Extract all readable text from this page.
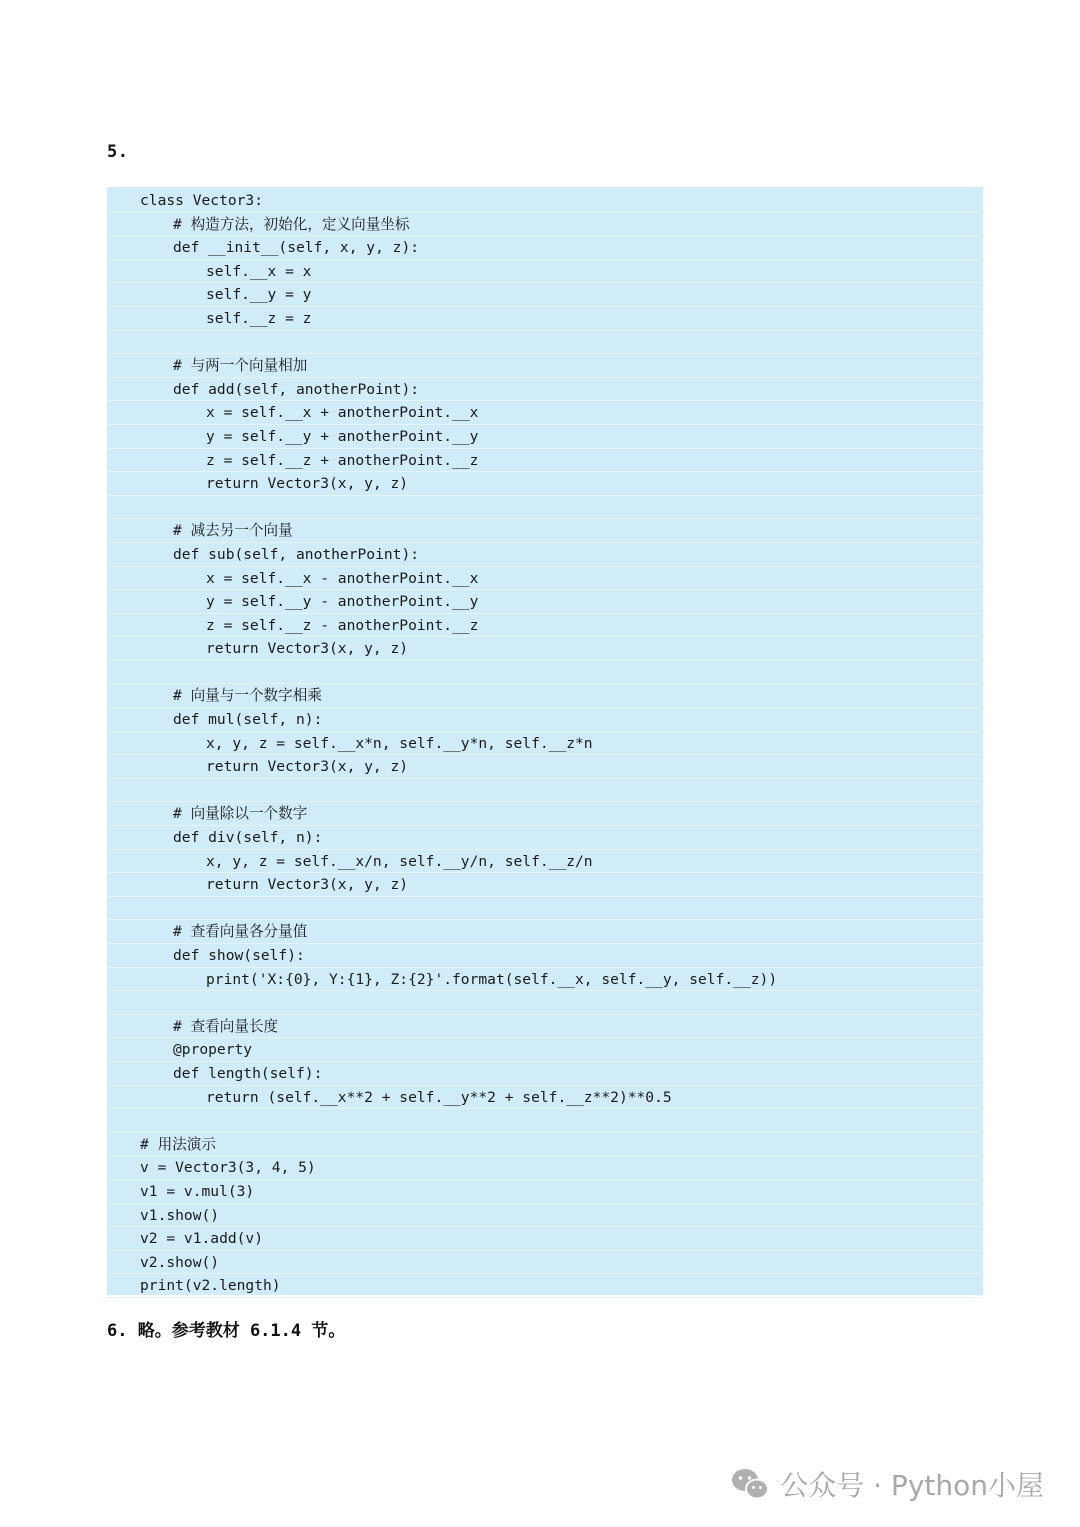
5.
class Vector3:
# 构造方法，初始化，定义向量坐标
def __init__(self, x, y, z):
self.__x = x
self.__y = y
self.__z = z
# 与两一个向量相加
def add(self, anotherPoint):
x = self.__x + anotherPoint.__x
y = self.__y + anotherPoint.__y
z = self.__z + anotherPoint.__z
return Vector3(x, y, z)
# 减去另一个向量
def sub(self, anotherPoint):
x = self.__x - anotherPoint.__x
y = self.__y - anotherPoint.__y
z = self.__z - anotherPoint.__z
return Vector3(x, y, z)
# 向量与一个数字相乘
def mul(self, n):
x, y, z = self.__x*n, self.__y*n, self.__z*n
return Vector3(x, y, z)
# 向量除以一个数字
def div(self, n):
x, y, z = self.__x/n, self.__y/n, self.__z/n
return Vector3(x, y, z)
# 查看向量各分量值
def show(self):
print('X:{0}, Y:{1}, Z:{2}'.format(self.__x, self.__y, self.__z))
# 查看向量长度
@property
def length(self):
return (self.__x**2 + self.__y**2 + self.__z**2)**0.5
# 用法演示
v = Vector3(3, 4, 5)
v1 = v.mul(3)
v1.show()
v2 = v1.add(v)
v2.show()
print(v2.length)
6. 略。参考教材 6.1.4 节。
公众号 · Python小屋
